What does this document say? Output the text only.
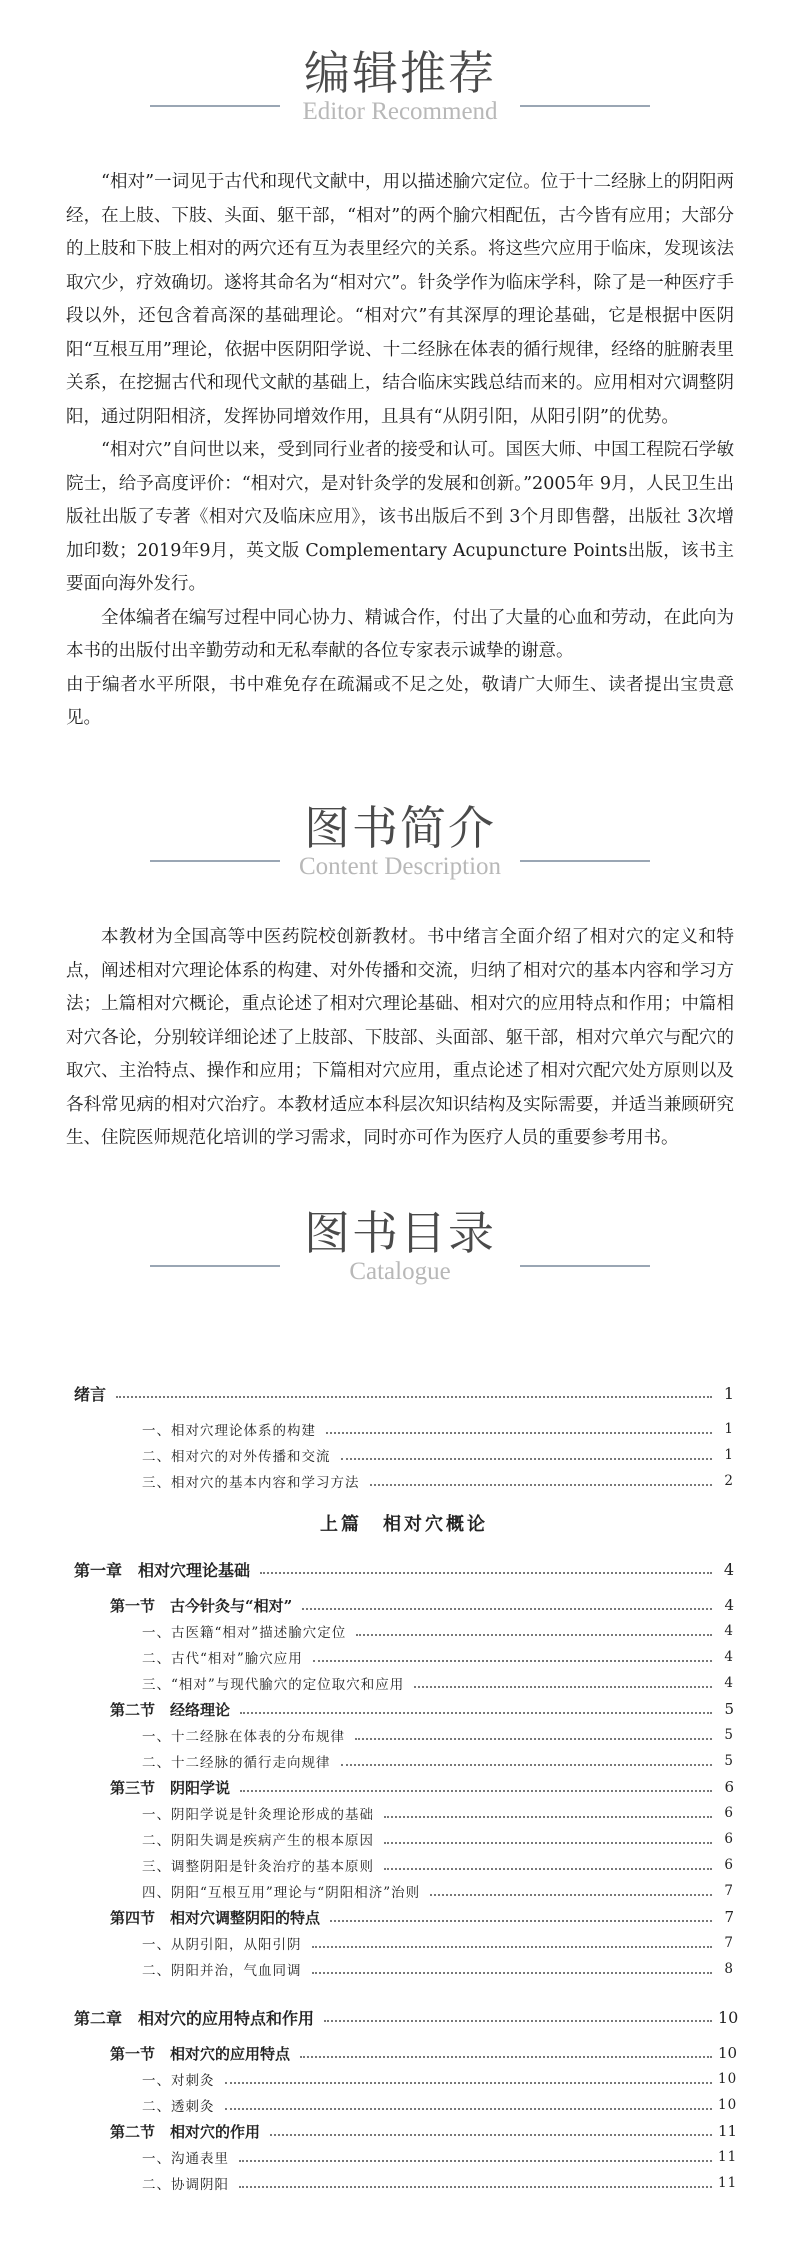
编辑推荐
Editor Recommend

“相对”一词见于古代和现代文献中，用以描述腧穴定位。位于十二经脉上的阴阳两经，在上肢、下肢、头面、躯干部，“相对”的两个腧穴相配伍，古今皆有应用；大部分的上肢和下肢上相对的两穴还有互为表里经穴的关系。将这些穴应用于临床，发现该法取穴少，疗效确切。遂将其命名为“相对穴”。针灸学作为临床学科，除了是一种医疗手段以外，还包含着高深的基础理论。“相对穴”有其深厚的理论基础，它是根据中医阴阳“互根互用”理论，依据中医阴阳学说、十二经脉在体表的循行规律，经络的脏腑表里关系，在挖掘古代和现代文献的基础上，结合临床实践总结而来的。应用相对穴调整阴阳，通过阴阳相济，发挥协同增效作用，且具有“从阴引阳，从阳引阴”的优势。

“相对穴”自问世以来，受到同行业者的接受和认可。国医大师、中国工程院石学敏院士，给予高度评价：“相对穴，是对针灸学的发展和创新。”2005年 9月，人民卫生出版社出版了专著《相对穴及临床应用》，该书出版后不到 3个月即售罄，出版社 3次增加印数；2019年9月，英文版 Complementary Acupuncture Points出版，该书主要面向海外发行。

全体编者在编写过程中同心协力、精诚合作，付出了大量的心血和劳动，在此向为本书的出版付出辛勤劳动和无私奉献的各位专家表示诚挚的谢意。

由于编者水平所限，书中难免存在疏漏或不足之处，敬请广大师生、读者提出宝贵意见。

图书简介
Content Description

本教材为全国高等中医药院校创新教材。书中绪言全面介绍了相对穴的定义和特点，阐述相对穴理论体系的构建、对外传播和交流，归纳了相对穴的基本内容和学习方法；上篇相对穴概论，重点论述了相对穴理论基础、相对穴的应用特点和作用；中篇相对穴各论，分别较详细论述了上肢部、下肢部、头面部、躯干部，相对穴单穴与配穴的取穴、主治特点、操作和应用；下篇相对穴应用，重点论述了相对穴配穴处方原则以及各科常见病的相对穴治疗。本教材适应本科层次知识结构及实际需要，并适当兼顾研究生、住院医师规范化培训的学习需求，同时亦可作为医疗人员的重要参考用书。

图书目录
Catalogue
绪言	1
一、相对穴理论体系的构建	1
二、相对穴的对外传播和交流	1
三、相对穴的基本内容和学习方法	2
上篇　相对穴概论
第一章　相对穴理论基础	4
第一节　古今针灸与“相对”	4
一、古医籍“相对”描述腧穴定位	4
二、古代“相对”腧穴应用	4
三、“相对”与现代腧穴的定位取穴和应用	4
第二节　经络理论	5
一、十二经脉在体表的分布规律	5
二、十二经脉的循行走向规律	5
第三节　阴阳学说	6
一、阴阳学说是针灸理论形成的基础	6
二、阴阳失调是疾病产生的根本原因	6
三、调整阴阳是针灸治疗的基本原则	6
四、阴阳“互根互用”理论与“阴阳相济”治则	7
第四节　相对穴调整阴阳的特点	7
一、从阴引阳，从阳引阴	7
二、阴阳并治，气血同调	8
第二章　相对穴的应用特点和作用	10
第一节　相对穴的应用特点	10
一、对刺灸	10
二、透刺灸	10
第二节　相对穴的作用	11
一、沟通表里	11
二、协调阴阳	11
